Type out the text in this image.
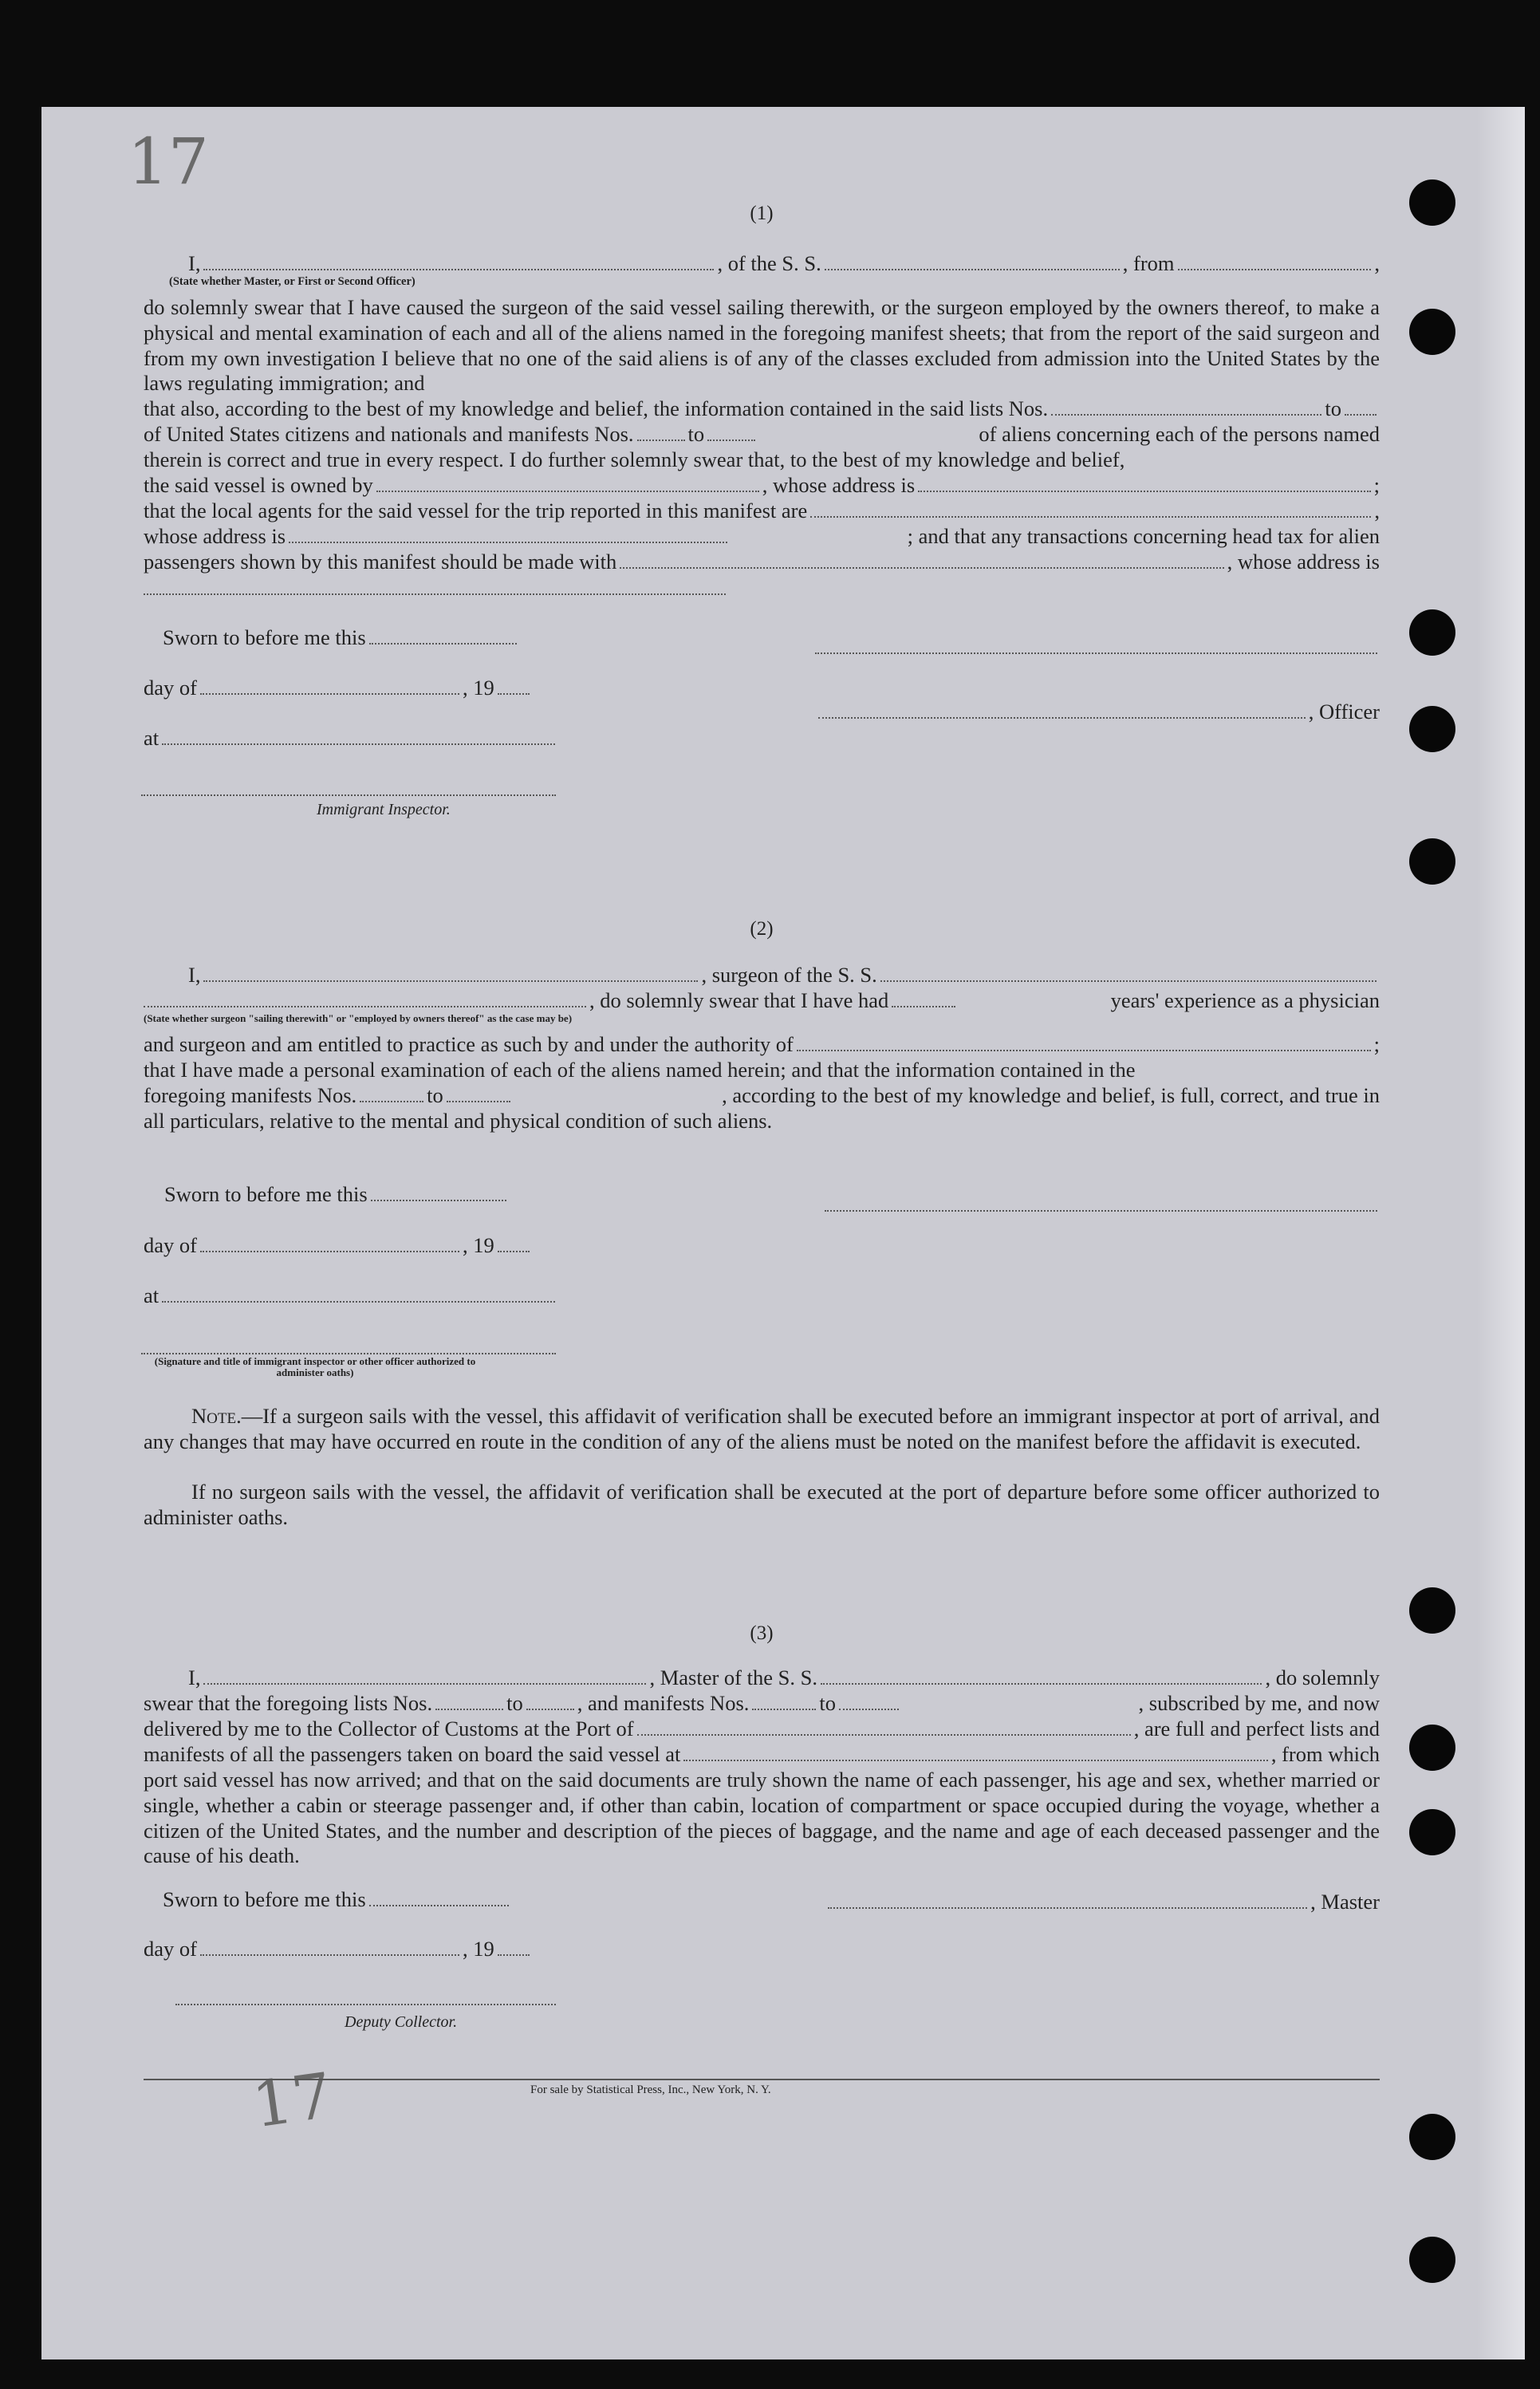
17
17
(1)
I,	, of the S. S.	, from	,
(State whether Master, or First or Second Officer)
do solemnly swear that I have caused the surgeon of the said vessel sailing therewith, or the surgeon employed by the owners thereof, to make a physical and mental examination of each and all of the aliens named in the foregoing manifest sheets; that from the report of the said surgeon and from my own investigation I believe that no one of the said aliens is of any of the classes excluded from admission into the United States by the laws regulating immigration; and
that also, according to the best of my knowledge and belief, the information contained in the said lists Nos.	to
of United States citizens and nationals and manifests Nos.	to	of aliens concerning each of the persons named
therein is correct and true in every respect. I do further solemnly swear that, to the best of my knowledge and belief,
the said vessel is owned by	, whose address is	;
that the local agents for the said vessel for the trip reported in this manifest are	,
whose address is	; and that any transactions concerning head tax for alien
passengers shown by this manifest should be made with	, whose address is
Sworn to before me this
day of	, 19
, Officer
at
Immigrant Inspector.
(2)
I,	, surgeon of the S. S.
, do solemnly swear that I have had	years' experience as a physician
(State whether surgeon "sailing therewith" or "employed by owners thereof" as the case may be)
and surgeon and am entitled to practice as such by and under the authority of	;
that I have made a personal examination of each of the aliens named herein; and that the information contained in the
foregoing manifests Nos.	to	, according to the best of my knowledge and belief, is full, correct, and true in
all particulars, relative to the mental and physical condition of such aliens.
Sworn to before me this
day of	, 19
at
(Signature and title of immigrant inspector or other officer authorized to administer oaths)
Note.—If a surgeon sails with the vessel, this affidavit of verification shall be executed before an immigrant inspector at port of arrival, and any changes that may have occurred en route in the condition of any of the aliens must be noted on the manifest before the affidavit is executed.
If no surgeon sails with the vessel, the affidavit of verification shall be executed at the port of departure before some officer authorized to administer oaths.
(3)
I,	, Master of the S. S.	, do solemnly
swear that the foregoing lists Nos.	to	, and manifests Nos.	to	, subscribed by me, and now
delivered by me to the Collector of Customs at the Port of	, are full and perfect lists and
manifests of all the passengers taken on board the said vessel at	, from which
port said vessel has now arrived; and that on the said documents are truly shown the name of each passenger, his age and sex, whether married or single, whether a cabin or steerage passenger and, if other than cabin, location of compartment or space occupied during the voyage, whether a citizen of the United States, and the number and description of the pieces of baggage, and the name and age of each deceased passenger and the cause of his death.
Sworn to before me this	, Master
day of	, 19
Deputy Collector.
For sale by Statistical Press, Inc., New York, N. Y.
